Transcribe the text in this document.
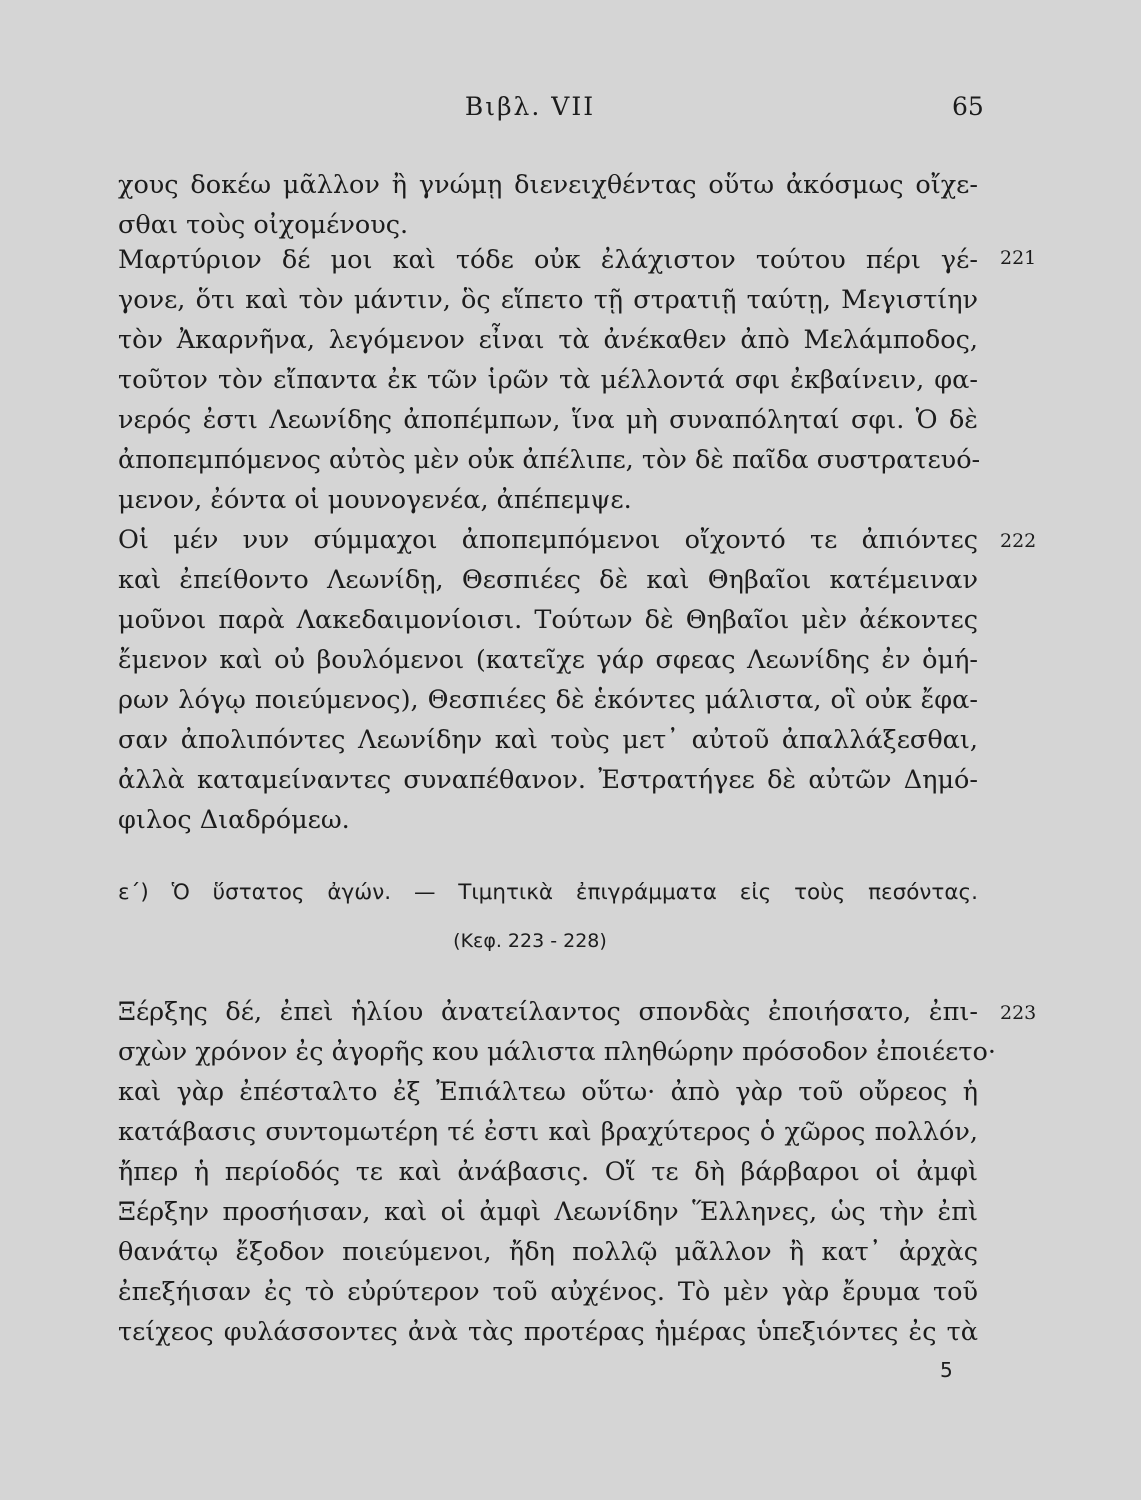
Βιβλ. VII	65
χους δοκέω μᾶλλον ἢ γνώμῃ διενειχθέντας οὕτω ἀκόσμως οἴχε-
σθαι τοὺς οἰχομένους.
221
Μαρτύριον δέ μοι καὶ τόδε οὐκ ἐλάχιστον τούτου πέρι γέ-
γονε, ὅτι καὶ τὸν μάντιν, ὃς εἵπετο τῇ στρατιῇ ταύτῃ, Μεγιστίην
τὸν Ἀκαρνῆνα, λεγόμενον εἶναι τὰ ἀνέκαθεν ἀπὸ Μελάμποδος,
τοῦτον τὸν εἴπαντα ἐκ τῶν ἱρῶν τὰ μέλλοντά σφι ἐκβαίνειν, φα-
νερός ἐστι Λεωνίδης ἀποπέμπων, ἵνα μὴ συναπόληταί σφι. Ὁ δὲ
ἀποπεμπόμενος αὐτὸς μὲν οὐκ ἀπέλιπε, τὸν δὲ παῖδα συστρατευό-
μενον, ἐόντα οἱ μουνογενέα, ἀπέπεμψε.
222
Οἱ μέν νυν σύμμαχοι ἀποπεμπόμενοι οἴχοντό τε ἀπιόντες
καὶ ἐπείθοντο Λεωνίδῃ, Θεσπιέες δὲ καὶ Θηβαῖοι κατέμειναν
μοῦνοι παρὰ Λακεδαιμονίοισι. Τούτων δὲ Θηβαῖοι μὲν ἀέκοντες
ἔμενον καὶ οὐ βουλόμενοι (κατεῖχε γάρ σφεας Λεωνίδης ἐν ὁμή-
ρων λόγῳ ποιεύμενος), Θεσπιέες δὲ ἑκόντες μάλιστα, οἳ οὐκ ἔφα-
σαν ἀπολιπόντες Λεωνίδην καὶ τοὺς μετ᾽ αὐτοῦ ἀπαλλάξεσθαι,
ἀλλὰ καταμείναντες συναπέθανον. Ἐστρατήγεε δὲ αὐτῶν Δημό-
φιλος Διαδρόμεω.
ε´) Ὁ ὕστατος ἀγών. — Τιμητικὰ ἐπιγράμματα εἰς τοὺς πεσόντας.
(Κεφ. 223 - 228)
223
Ξέρξης δέ, ἐπεὶ ἡλίου ἀνατείλαντος σπονδὰς ἐποιήσατο, ἐπι-
σχὼν χρόνον ἐς ἀγορῆς κου μάλιστα πληθώρην πρόσοδον ἐποιέετο·
καὶ γὰρ ἐπέσταλτο ἐξ Ἐπιάλτεω οὕτω· ἀπὸ γὰρ τοῦ οὔρεος ἡ
κατάβασις συντομωτέρη τέ ἐστι καὶ βραχύτερος ὁ χῶρος πολλόν,
ἤπερ ἡ περίοδός τε καὶ ἀνάβασις. Οἵ τε δὴ βάρβαροι οἱ ἀμφὶ
Ξέρξην προσήισαν, καὶ οἱ ἀμφὶ Λεωνίδην Ἕλληνες, ὡς τὴν ἐπὶ
θανάτῳ ἔξοδον ποιεύμενοι, ἤδη πολλῷ μᾶλλον ἢ κατ᾽ ἀρχὰς
ἐπεξήισαν ἐς τὸ εὐρύτερον τοῦ αὐχένος. Τὸ μὲν γὰρ ἔρυμα τοῦ
τείχεος φυλάσσοντες ἀνὰ τὰς προτέρας ἡμέρας ὑπεξιόντες ἐς τὰ
5
